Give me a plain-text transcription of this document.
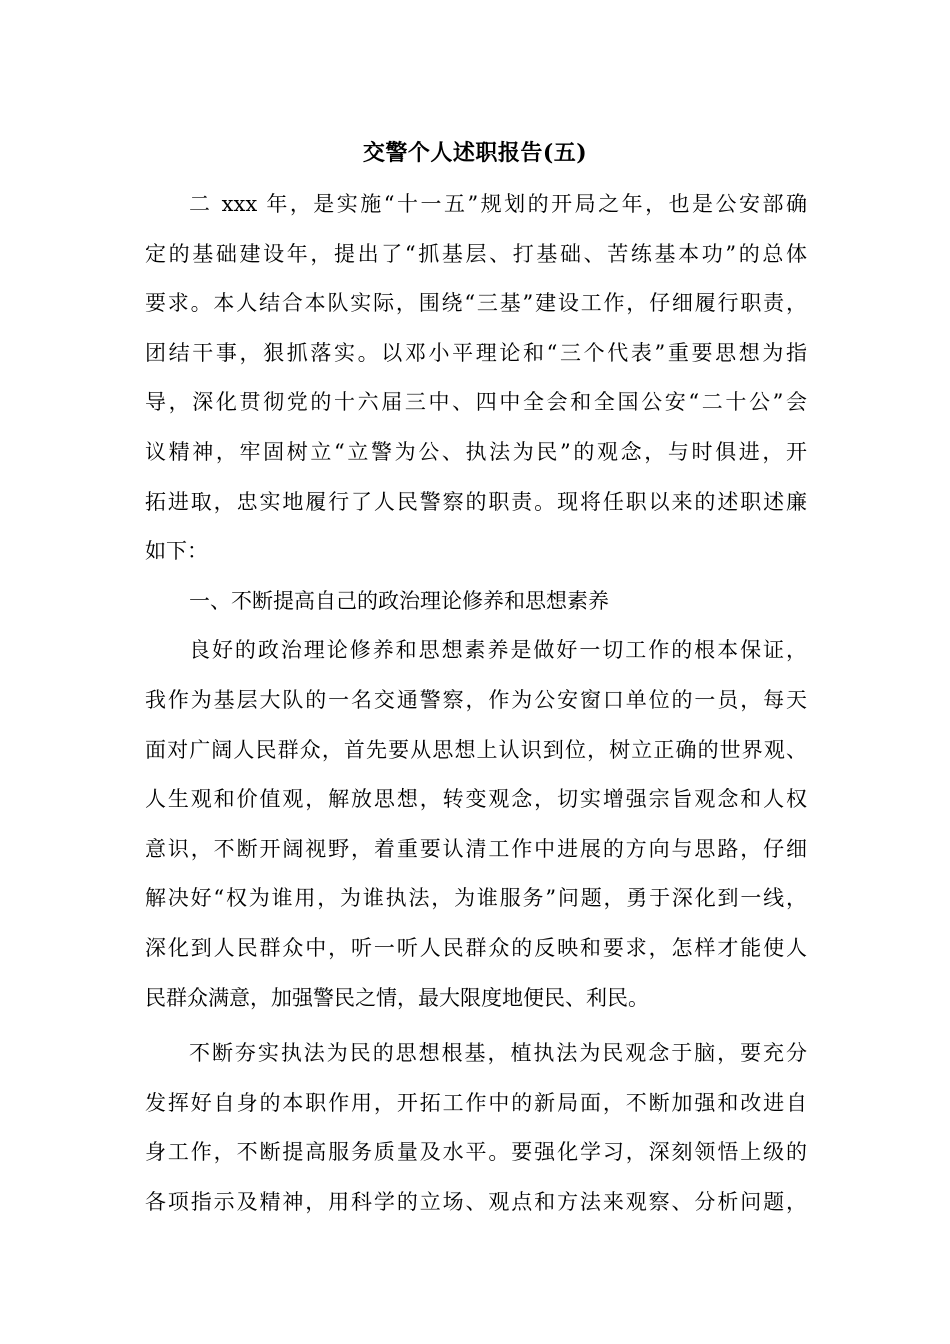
交警个人述职报告(五)
二 xxx 年，是实施“十一五”规划的开局之年，也是公安部确
定的基础建设年，提出了“抓基层、打基础、苦练基本功”的总体
要求。本人结合本队实际，围绕“三基”建设工作，仔细履行职责，
团结干事，狠抓落实。以邓小平理论和“三个代表”重要思想为指
导，深化贯彻党的十六届三中、四中全会和全国公安“二十公”会
议精神，牢固树立“立警为公、执法为民”的观念，与时俱进，开
拓进取，忠实地履行了人民警察的职责。现将任职以来的述职述廉
如下：
一、不断提高自己的政治理论修养和思想素养
良好的政治理论修养和思想素养是做好一切工作的根本保证，
我作为基层大队的一名交通警察，作为公安窗口单位的一员，每天
面对广阔人民群众，首先要从思想上认识到位，树立正确的世界观、
人生观和价值观，解放思想，转变观念，切实增强宗旨观念和人权
意识，不断开阔视野，着重要认清工作中进展的方向与思路，仔细
解决好“权为谁用，为谁执法，为谁服务”问题，勇于深化到一线，
深化到人民群众中，听一听人民群众的反映和要求，怎样才能使人
民群众满意，加强警民之情，最大限度地便民、利民。
不断夯实执法为民的思想根基，植执法为民观念于脑，要充分
发挥好自身的本职作用，开拓工作中的新局面，不断加强和改进自
身工作，不断提高服务质量及水平。要强化学习，深刻领悟上级的
各项指示及精神，用科学的立场、观点和方法来观察、分析问题，
